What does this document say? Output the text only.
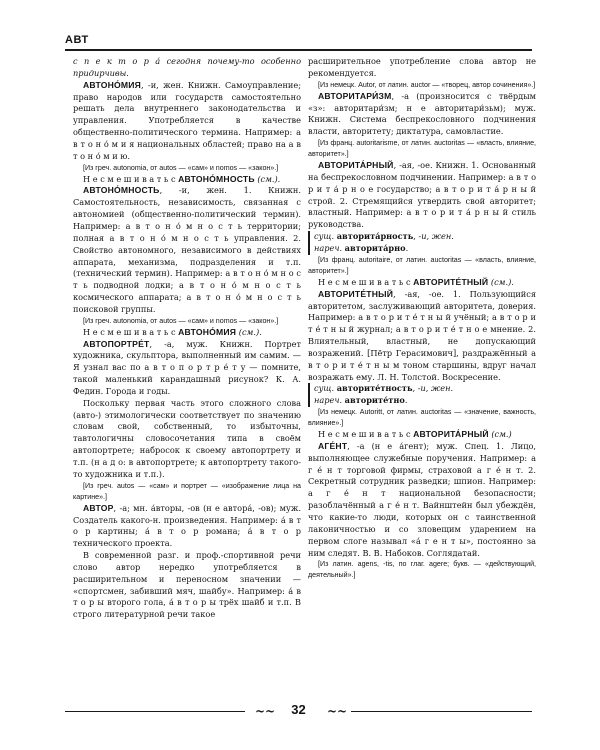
АВТ

с п е к т о р а́ сегодня почему-то особенно придирчивы.

АВТОНО́МИЯ, -и, жен. Книжн. Самоуправление; право народов или государств самостоятельно решать дела внутреннего законодательства и управления. Употребляется в качестве общественно-политического термина. Например: а в т о н о́ м и я национальных областей; право на а в т о н о́ м и ю.

[Из греч. autonomia, от autos — «сам» и nomos — «закон».]

Н е с м е ш и в а т ь с АВТОНО́МНОСТЬ (см.).

АВТОНО́МНОСТЬ, -и, жен. 1. Книжн. Самостоятельность, независимость, связанная с автономией (общественно-политический термин). Например: а в т о н о́ м н о с т ь территории; полная а в т о н о́ м н о с т ь управления. 2. Свойство автономного, независимого в действиях аппарата, механизма, подразделения и т.п. (технический термин). Например: а в т о н о́ м н о с т ь подводной лодки; а в т о н о́ м н о с т ь космического аппарата; а в т о н о́ м н о с т ь поисковой группы.

[Из греч. autonomia, от autos — «сам» и nomos — «закон».]

Н е с м е ш и в а т ь с АВТОНО́МИЯ (см.).

АВТОПОРТРЕ́Т, -а, муж. Книжн. Портрет художника, скульптора, выполненный им самим. — Я узнал вас по а в т о п о р т р е́ т у — помните, такой маленький карандашный рисунок? К. А. Федин. Города и годы.

Поскольку первая часть этого сложного слова (авто-) этимологически соответствует по значению словам свой, собственный, то избыточны, тавтологичны словосочетания типа в своём автопортрете; набросок к своему автопортрету и т.п. (н а д о: в автопортрете; к автопортрету такого-то художника и т.п.).

[Из греч. autos — «сам» и портрет — «изображение лица на картине».]

АВТОР, -а; мн. а́вторы, -ов (н е автора́, -ов); муж. Создатель какого-н. произведения. Например: а́ в т о р картины; а́ в т о р романа; а́ в т о р технического проекта.

В современной разг. и проф.-спортивной речи слово автор нередко употребляется в расширительном и переносном значении — «спортсмен, забивший мяч, шайбу». Например: а́ в т о р ы второго гола, а́ в т о р ы трёх шайб и т.п. В строго литературной речи такое

расширительное употребление слова автор не рекомендуется.

[Из немецк. Autor, от латин. auctor — «творец, автор сочинения».]

АВТОРИТАРИ́ЗМ, -а (произносится с твёрдым «з»: авторитари́зм; н е авторитари́зьм); муж. Книжн. Система беспрекословного подчинения власти, авторитету; диктатура, самовластие.

[Из франц. autoritarisme, от латин. auctoritas — «власть, влияние, авторитет».]

АВТОРИТА́РНЫЙ, -ая, -ое. Книжн. 1. Основанный на беспрекословном подчинении. Например: а в т о р и т а́ р н о е государство; а в т о р и т а́ р н ы й строй. 2. Стремящийся утвердить свой авторитет; властный. Например: а в т о р и т а́ р н ы й стиль руководства.

сущ. авторита́рность, -и, жен.

нареч. авторита́рно.

[Из франц. autoritaire, от латин. auctoritas — «власть, влияние, авторитет».]

Н е с м е ш и в а т ь с АВТОРИТЕ́ТНЫЙ (см.).

АВТОРИТЕ́ТНЫЙ, -ая, -ое. 1. Пользующийся авторитетом, заслуживающий авторитета, доверия. Например: а в т о р и т е́ т н ы й учёный; а в т о р и т е́ т н ы й журнал; а в т о р и т е́ т н о е мнение. 2. Влиятельный, властный, не допускающий возражений. [Пётр Герасимович], раздражённый а в т о р и т е́ т н ы м тоном старшины, вдруг начал возражать ему. Л. Н. Толстой. Воскресение.

сущ. авторите́тность, -и, жен.

нареч. авторите́тно.

[Из немецк. Autoritt, от латин. auctoritas — «значение, важность, влияние».]

Н е с м е ш и в а т ь с АВТОРИТА́РНЫЙ (см.)

АГЕ́НТ, -а (н е а́гент); муж. Спец. 1. Лицо, выполняющее служебные поручения. Например: а г е́ н т торговой фирмы, страховой а г е́ н т. 2. Секретный сотрудник разведки; шпион. Например: а г е́ н т национальной безопасности; разоблачённый а г е́ н т. Вайнштейн был убеждён, что какие-то люди, которых он с таинственной лаконичностью и со зловещим ударением на первом слоге называл «а́ г е н т ы», постоянно за ним следят. В. В. Набоков. Соглядатай.

[Из латин. agens, -tis, по глаг. agere; букв. — «действующий, деятельный».]

~~	32	~~
